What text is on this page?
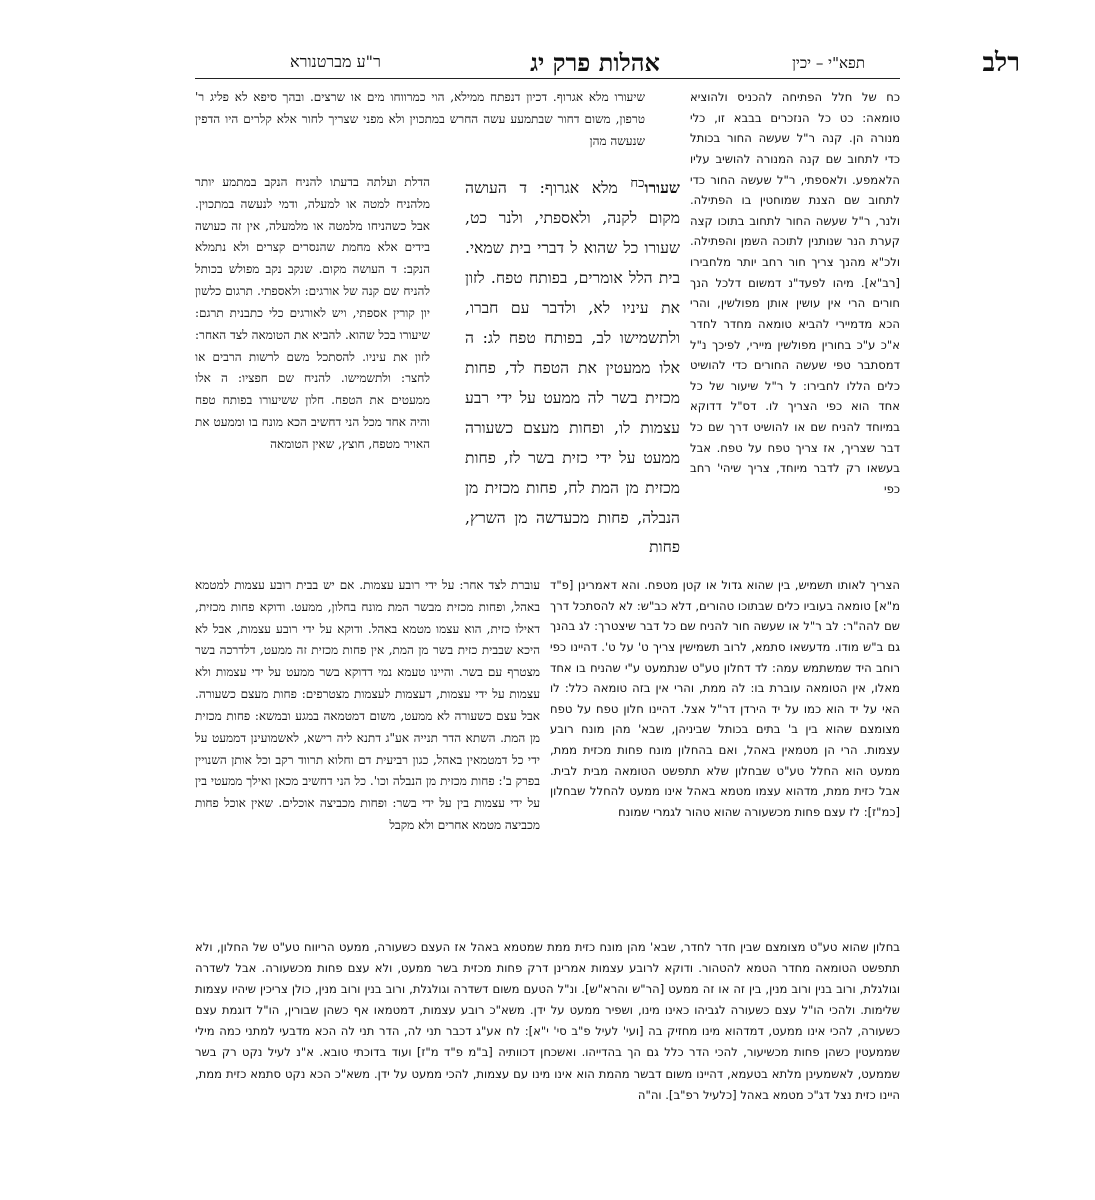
רלב
תפא"י – יכין
אהלות פרק יג
ר"ע מברטנורא

כח של חלל הפתיחה להכניס ולהוציא טומאה: כט כל הנזכרים בבבא זו, כלי מנורה הן. קנה ר"ל שעשה החור בכותל כדי לתחוב שם קנה המנורה להושיב עליו הלאמפע. ולאספתי, ר"ל שעשה החור כדי לתחוב שם הצנת שמוחטין בו הפתילה. ולנר, ר"ל שעשה החור לתחוב בתוכו קצה קערת הנר שנותנין לתוכה השמן והפתילה. ולכ"א מהנך צריך חור רחב יותר מלחבירו [רב"א]. מיהו לפעד"נ דמשום דלכל הנך חורים הרי אין עושין אותן מפולשין, והרי הכא מדמיירי להביא טומאה מחדר לחדר א"כ ע"כ בחורין מפולשין מיירי, לפיכך נ"ל דמסתבר טפי שעשה החורים כדי להושיט כלים הללו לחבירו: ל ר"ל שיעור של כל אחד הוא כפי הצריך לו. דס"ל דדוקא במיוחד להניח שם או להושיט דרך שם כל דבר שצריך, אז צריך טפח על טפח. אבל בעשאו רק לדבר מיוחד, צריך שיהי' רחב כפי

שעורו$^{כח}$ מלא אגרוף: ד העושה מקום לקנה, ולאספתי, ולנר כט, שעורו כל שהוא ל דברי בית שמאי. בית הלל אומרים, בפותח טפח. לזון את עיניו לא, ולדבר עם חברו, ולתשמישו לב, בפותח טפח לג: ה אלו ממעטין את הטפח לד, פחות מכזית בשר לה ממעט על ידי רבע עצמות לו, ופחות מעצם כשעורה ממעט על ידי כזית בשר לז, פחות מכזית מן המת לח, פחות מכזית מן הנבלה, פחות מכעדשה מן השרץ, פחות

שיעורו מלא אגרוף. דכיון דנפתח ממילא, הוי כמרווחו מים או שרצים. ובהך סיפא לא פליג ר' טרפון, משום דחור שבתמעע עשה החרש במתכוין ולא מפני שצריך לחור אלא קלרים היו הדפין שנעשה מהן

הדלת ועלתה בדעתו להניח הנקב במתמע יותר מלהניח למטה או למעלה, ודמי לנעשה במתכוין. אבל כשהניחו מלמטה או מלמעלה, אין זה כעושה בידים אלא מחמת שהנסרים קצרים ולא נתמלא הנקב: ד העושה מקום. שנקב נקב מפולש בכותל להניח שם קנה של אורגים: ולאספתי. תרגום כלשון יון קורין אספתי, ויש לאורגים כלי כתבנית תרגם: שיעורו בכל שהוא. להביא את הטומאה לצד האחר: לזון את עיניו. להסתכל משם לרשות הרבים או לחצר: ולתשמישו. להניח שם חפציו: ה אלו ממעטים את הטפח. חלון ששיעורו בפותח טפח והיה אחד מכל הני דחשיב הכא מונח בו וממעט את האויר מטפח, חוצץ, שאין הטומאה

הצריך לאותו תשמיש, בין שהוא גדול או קטן מטפח. והא דאמרינן [פ"ד מ"א] טומאה בעוביו כלים שבתוכו טהורים, דלא כב"ש: לא להסתכל דרך שם להה"ר: לב ר"ל או שעשה חור להניח שם כל דבר שיצטרך: לג בהנך גם ב"ש מודו. מדעשאו סתמא, לרוב תשמישין צריך ט' על ט'. דהיינו כפי רוחב היד שמשתמש עמה: לד דחלון טע"ט שנתמעט ע"י שהניח בו אחד מאלו, אין הטומאה עוברת בו: לה ממת, והרי אין בזה טומאה כלל: לו האי על יד הוא כמו על יד הירדן דר"ל אצל. דהיינו חלון טפח על טפח מצומצם שהוא בין ב' בתים בכותל שביניהן, שבא' מהן מונח רובע עצמות. הרי הן מטמאין באהל, ואם בהחלון מונח פחות מכזית ממת, ממעט הוא החלל טע"ט שבחלון שלא תתפשט הטומאה מבית לבית. אבל כזית ממת, מדהוא עצמו מטמא באהל אינו ממעט להחלל שבחלון [כמ"ז]: לז עצם פחות מכשעורה שהוא טהור לגמרי שמונח

עוברת לצד אחר: על ידי רובע עצמות. אם יש בבית רובע עצמות למטמא באהל, ופחות מכזית מבשר המת מונח בחלון, ממעט. ודוקא פחות מכזית, דאילו כזית, הוא עצמו מטמא באהל. ודוקא על ידי רובע עצמות, אבל לא היכא שבבית כזית בשר מן המת, אין פחות מכזית זה ממעט, דלדרכה בשר מצטרף עם בשר. והיינו טעמא נמי דדוקא בשר ממעט על ידי עצמות ולא עצמות על ידי עצמות, דעצמות לעצמות מצטרפים: פחות מעצם כשעורה. אבל עצם כשעורה לא ממעט, משום דמטמאה במגע ובמשא: פחות מכזית מן המת. השתא הדר תנייה אע"ג דתנא ליה רישא, לאשמועינן דממעט על ידי כל דמטמאין באהל, כגון רביעית דם וחלוא תרווד רקב וכל אותן השנויין בפרק ב': פחות מכזית מן הנבלה וכו'. כל הני דחשיב מכאן ואילך ממעטי בין על ידי עצמות בין על ידי בשר: ופחות מכביצה אוכלים. שאין אוכל פחות מכביצה מטמא אחרים ולא מקבל

בחלון שהוא טע"ט מצומצם שבין חדר לחדר, שבא' מהן מונח כזית ממת שמטמא באהל אז העצם כשעורה, ממעט הריווח טע"ט של החלון, ולא תתפשט הטומאה מחדר הטמא להטהור. ודוקא לרובע עצמות אמרינן דרק פחות מכזית בשר ממעט, ולא עצם פחות מכשעורה. אבל לשדרה וגולגלת, ורוב בנין ורוב מנין, בין זה או זה ממעט [הר"ש והרא"ש]. ונ"ל הטעם משום דשדרה וגולגלת, ורוב בנין ורוב מנין, כולן צריכין שיהיו עצמות שלימות. ולהכי הו"ל עצם כשעורה לגביהו כאינו מינו, ושפיר ממעט על ידן. משא"כ רובע עצמות, דמטמאו אף כשהן שבורין, הו"ל דוגמת עצם כשעורה, להכי אינו ממעט, דמדהוא מינו מחזיק בה [ועי' לעיל פ"ב סי' י"א]: לח אע"ג דכבר תני לה, הדר תני לה הכא מדבעי למתני כמה מילי שממעטין כשהן פחות מכשיעור, להכי הדר כלל גם הך בהדייהו. ואשכחן דכוותיה [ב"מ פ"ד מ"ז] ועוד בדוכתי טובא. א"נ לעיל נקט רק בשר שממעט, לאשמעינן מלתא בטעמא, דהיינו משום דבשר מהמת הוא אינו מינו עם עצמות, להכי ממעט על ידן. משא"כ הכא נקט סתמא כזית ממת, היינו כזית נצל דג"כ מטמא באהל [כלעיל רפ"ב]. וה"ה
